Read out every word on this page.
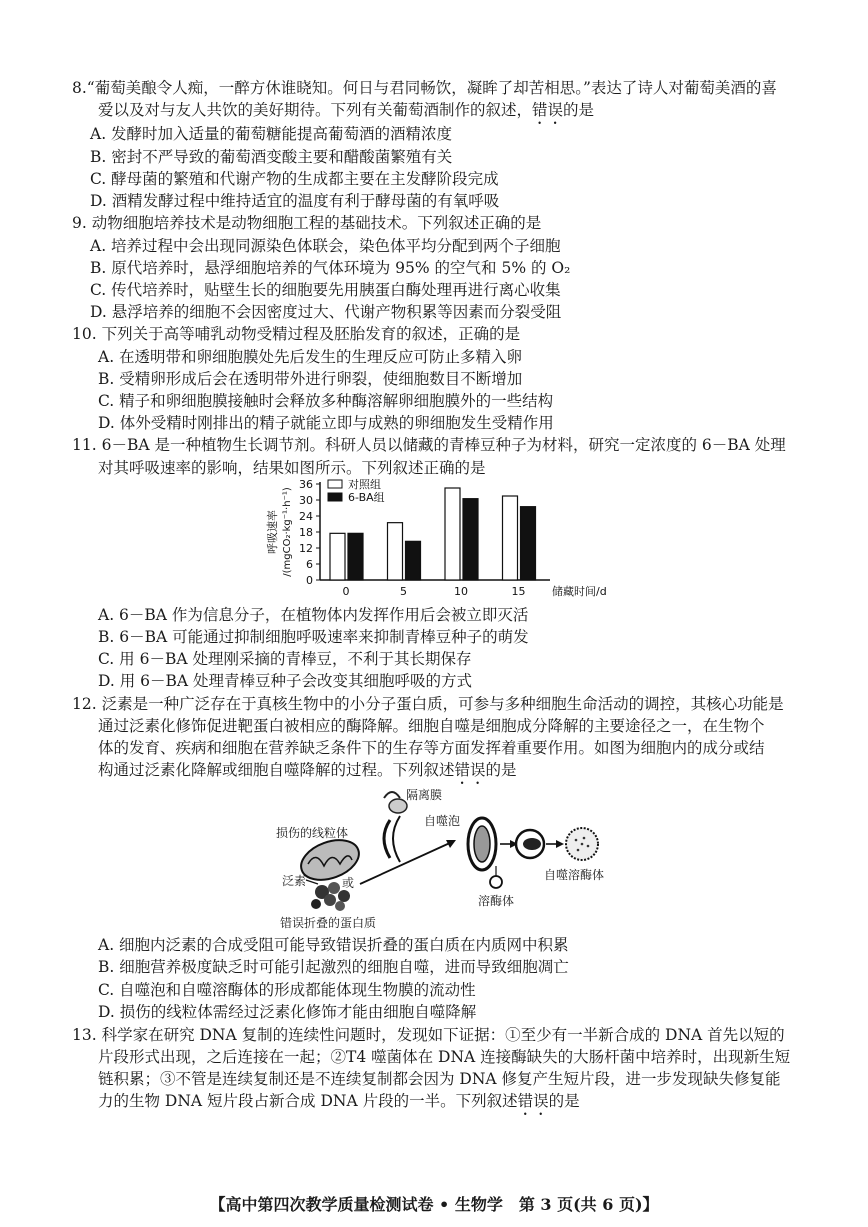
8.“葡萄美酿令人痴，一醉方休谁晓知。何日与君同畅饮，凝眸了却苦相思。”表达了诗人对葡萄美酒的喜
爱以及对与友人共饮的美好期待。下列有关葡萄酒制作的叙述，错误的是
A. 发酵时加入适量的葡萄糖能提高葡萄酒的酒精浓度
B. 密封不严导致的葡萄酒变酸主要和醋酸菌繁殖有关
C. 酵母菌的繁殖和代谢产物的生成都主要在主发酵阶段完成
D. 酒精发酵过程中维持适宜的温度有利于酵母菌的有氧呼吸
9. 动物细胞培养技术是动物细胞工程的基础技术。下列叙述正确的是
A. 培养过程中会出现同源染色体联会，染色体平均分配到两个子细胞
B. 原代培养时，悬浮细胞培养的气体环境为 95% 的空气和 5% 的 O₂
C. 传代培养时，贴壁生长的细胞要先用胰蛋白酶处理再进行离心收集
D. 悬浮培养的细胞不会因密度过大、代谢产物积累等因素而分裂受阻
10. 下列关于高等哺乳动物受精过程及胚胎发育的叙述，正确的是
A. 在透明带和卵细胞膜处先后发生的生理反应可防止多精入卵
B. 受精卵形成后会在透明带外进行卵裂，使细胞数目不断增加
C. 精子和卵细胞膜接触时会释放多种酶溶解卵细胞膜外的一些结构
D. 体外受精时刚排出的精子就能立即与成熟的卵细胞发生受精作用
11. 6－BA 是一种植物生长调节剂。科研人员以储藏的青棒豆种子为材料，研究一定浓度的 6－BA 处理
对其呼吸速率的影响，结果如图所示。下列叙述正确的是
0
6
12
18
24
30
36
呼吸速率 /(mgCO₂·kg⁻¹·h⁻¹)
0	5	10	15 储藏时间/d
对照组
6-BA组
A. 6－BA 作为信息分子，在植物体内发挥作用后会被立即灭活
B. 6－BA 可能通过抑制细胞呼吸速率来抑制青棒豆种子的萌发
C. 用 6－BA 处理刚采摘的青棒豆，不利于其长期保存
D. 用 6－BA 处理青棒豆种子会改变其细胞呼吸的方式
12. 泛素是一种广泛存在于真核生物中的小分子蛋白质，可参与多种细胞生命活动的调控，其核心功能是
通过泛素化修饰促进靶蛋白被相应的酶降解。细胞自噬是细胞成分降解的主要途径之一，在生物个
体的发育、疾病和细胞在营养缺乏条件下的生存等方面发挥着重要作用。如图为细胞内的成分或结
构通过泛素化降解或细胞自噬降解的过程。下列叙述错误的是
隔离膜
损伤的线粒体
自噬泡
泛素	或
溶酶体
自噬溶酶体
错误折叠的蛋白质
A. 细胞内泛素的合成受阻可能导致错误折叠的蛋白质在内质网中积累
B. 细胞营养极度缺乏时可能引起激烈的细胞自噬，进而导致细胞凋亡
C. 自噬泡和自噬溶酶体的形成都能体现生物膜的流动性
D. 损伤的线粒体需经过泛素化修饰才能由细胞自噬降解
13. 科学家在研究 DNA 复制的连续性问题时，发现如下证据：①至少有一半新合成的 DNA 首先以短的
片段形式出现，之后连接在一起；②T4 噬菌体在 DNA 连接酶缺失的大肠杆菌中培养时，出现新生短
链积累；③不管是连续复制还是不连续复制都会因为 DNA 修复产生短片段，进一步发现缺失修复能
力的生物 DNA 短片段占新合成 DNA 片段的一半。下列叙述错误的是
【高中第四次教学质量检测试卷 • 生物学　第 3 页(共 6 页)】
